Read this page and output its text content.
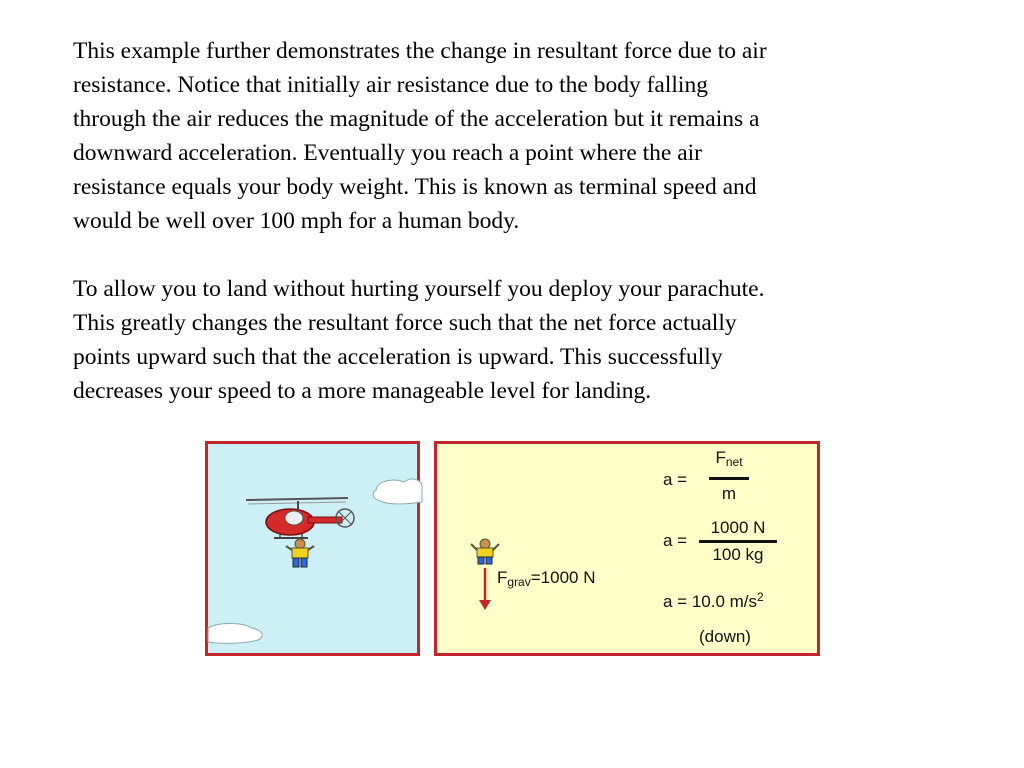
This example further demonstrates the change in resultant force due to air
resistance. Notice that initially air resistance due to the body falling
through the air reduces the magnitude of the acceleration but it remains a
downward acceleration. Eventually you reach a point where the air
resistance equals your body weight. This is known as terminal speed and
would be well over 100 mph for a human body.
To allow you to land without hurting yourself you deploy your parachute.
This greatly changes the resultant force such that the net force actually
points upward such that the acceleration is upward. This successfully
decreases your speed to a more manageable level for landing.
$F_{grav}=1000$ N
a =
$F_{net}$
m
a =
1000 N
100 kg
a = 10.0 $m/s^2$
(down)
